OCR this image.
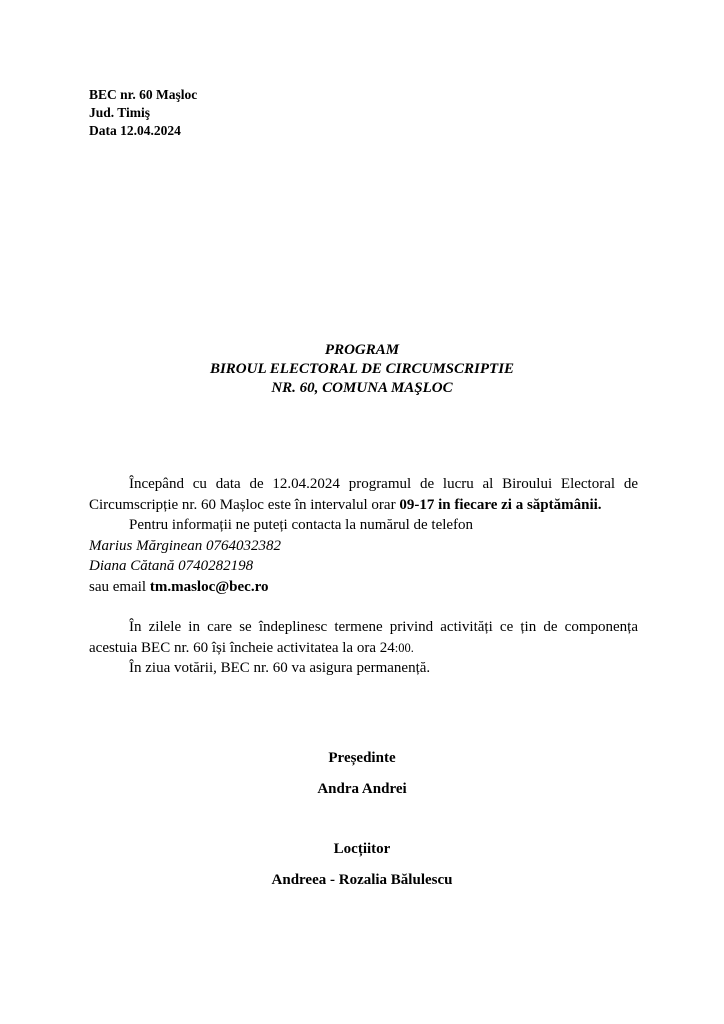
BEC nr. 60 Maşloc
Jud. Timiş
Data 12.04.2024
PROGRAM
BIROUL ELECTORAL DE CIRCUMSCRIPTIE
NR. 60, COMUNA MAŞLOC

Începând cu data de 12.04.2024 programul de lucru al Biroului Electoral de Circumscripție nr. 60 Mașloc este în intervalul orar 09-17 in fiecare zi a săptămânii.

Pentru informații ne puteți contacta la numărul de telefon

Marius Mărginean 0764032382

Diana Cătană 0740282198

sau email tm.masloc@bec.ro

În zilele in care se îndeplinesc termene privind activități ce țin de componența acestuia BEC nr. 60 își încheie activitatea la ora 24:00.

În ziua votării, BEC nr. 60 va asigura permanență.

Președinte
Andra Andrei
Locțiitor
Andreea - Rozalia Bălulescu
